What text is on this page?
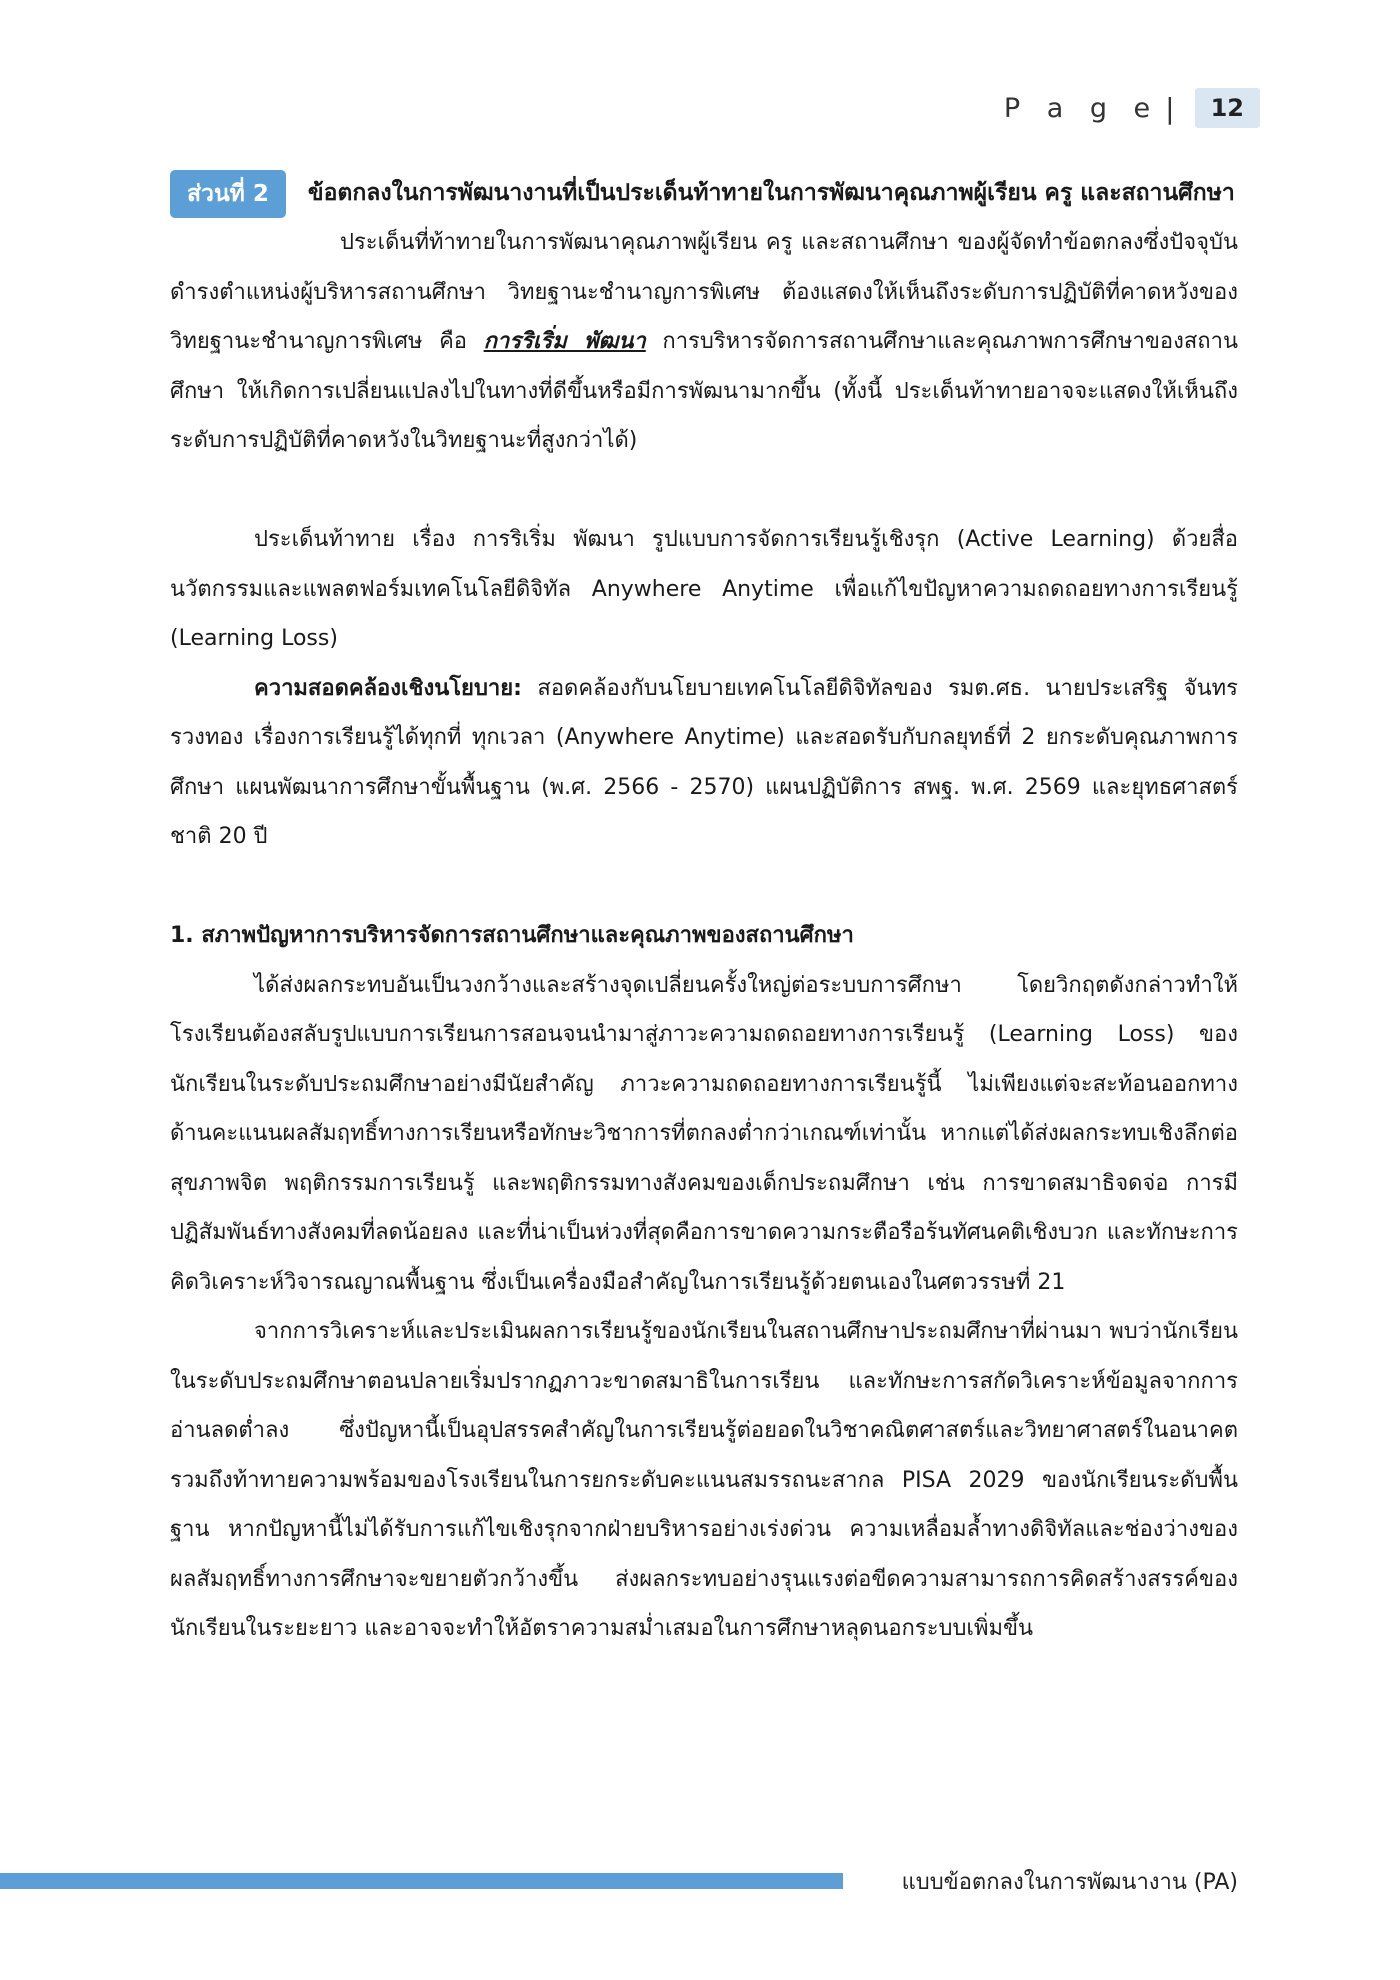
P a g e |	12

ส่วนที่ 2 ข้อตกลงในการพัฒนางานที่เป็นประเด็นท้าทายในการพัฒนาคุณภาพผู้เรียน ครู และสถานศึกษา

ประเด็นที่ท้าทายในการพัฒนาคุณภาพผู้เรียน ครู และสถานศึกษา ของผู้จัดทำข้อตกลงซึ่งปัจจุบันดำรงตำแหน่งผู้บริหารสถานศึกษา วิทยฐานะชำนาญการพิเศษ ต้องแสดงให้เห็นถึงระดับการปฏิบัติที่คาดหวังของวิทยฐานะชำนาญการพิเศษ คือ การริเริ่ม พัฒนา การบริหารจัดการสถานศึกษาและคุณภาพการศึกษาของสถานศึกษา ให้เกิดการเปลี่ยนแปลงไปในทางที่ดีขึ้นหรือมีการพัฒนามากขึ้น (ทั้งนี้ ประเด็นท้าทายอาจจะแสดงให้เห็นถึงระดับการปฏิบัติที่คาดหวังในวิทยฐานะที่สูงกว่าได้)

ประเด็นท้าทาย เรื่อง การริเริ่ม พัฒนา รูปแบบการจัดการเรียนรู้เชิงรุก (Active Learning) ด้วยสื่อนวัตกรรมและแพลตฟอร์มเทคโนโลยีดิจิทัล Anywhere Anytime เพื่อแก้ไขปัญหาความถดถอยทางการเรียนรู้ (Learning Loss)

ความสอดคล้องเชิงนโยบาย: สอดคล้องกับนโยบายเทคโนโลยีดิจิทัลของ รมต.ศธ. นายประเสริฐ จันทรรวงทอง เรื่องการเรียนรู้ได้ทุกที่ ทุกเวลา (Anywhere Anytime) และสอดรับกับกลยุทธ์ที่ 2 ยกระดับคุณภาพการศึกษา แผนพัฒนาการศึกษาขั้นพื้นฐาน (พ.ศ. 2566 - 2570) แผนปฏิบัติการ สพฐ. พ.ศ. 2569 และยุทธศาสตร์ชาติ 20 ปี

1. สภาพปัญหาการบริหารจัดการสถานศึกษาและคุณภาพของสถานศึกษา

ได้ส่งผลกระทบอันเป็นวงกว้างและสร้างจุดเปลี่ยนครั้งใหญ่ต่อระบบการศึกษา โดยวิกฤตดังกล่าวทำให้โรงเรียนต้องสลับรูปแบบการเรียนการสอนจนนำมาสู่ภาวะความถดถอยทางการเรียนรู้ (Learning Loss) ของนักเรียนในระดับประถมศึกษาอย่างมีนัยสำคัญ ภาวะความถดถอยทางการเรียนรู้นี้ ไม่เพียงแต่จะสะท้อนออกทางด้านคะแนนผลสัมฤทธิ์ทางการเรียนหรือทักษะวิชาการที่ตกลงต่ำกว่าเกณฑ์เท่านั้น หากแต่ได้ส่งผลกระทบเชิงลึกต่อสุขภาพจิต พฤติกรรมการเรียนรู้ และพฤติกรรมทางสังคมของเด็กประถมศึกษา เช่น การขาดสมาธิจดจ่อ การมีปฏิสัมพันธ์ทางสังคมที่ลดน้อยลง และที่น่าเป็นห่วงที่สุดคือการขาดความกระตือรือร้นทัศนคติเชิงบวก และทักษะการคิดวิเคราะห์วิจารณญาณพื้นฐาน ซึ่งเป็นเครื่องมือสำคัญในการเรียนรู้ด้วยตนเองในศตวรรษที่ 21

จากการวิเคราะห์และประเมินผลการเรียนรู้ของนักเรียนในสถานศึกษาประถมศึกษาที่ผ่านมา พบว่านักเรียนในระดับประถมศึกษาตอนปลายเริ่มปรากฏภาวะขาดสมาธิในการเรียน และทักษะการสกัดวิเคราะห์ข้อมูลจากการอ่านลดต่ำลง ซึ่งปัญหานี้เป็นอุปสรรคสำคัญในการเรียนรู้ต่อยอดในวิชาคณิตศาสตร์และวิทยาศาสตร์ในอนาคต รวมถึงท้าทายความพร้อมของโรงเรียนในการยกระดับคะแนนสมรรถนะสากล PISA 2029 ของนักเรียนระดับพื้นฐาน หากปัญหานี้ไม่ได้รับการแก้ไขเชิงรุกจากฝ่ายบริหารอย่างเร่งด่วน ความเหลื่อมล้ำทางดิจิทัลและช่องว่างของผลสัมฤทธิ์ทางการศึกษาจะขยายตัวกว้างขึ้น ส่งผลกระทบอย่างรุนแรงต่อขีดความสามารถการคิดสร้างสรรค์ของนักเรียนในระยะยาว และอาจจะทำให้อัตราความสม่ำเสมอในการศึกษาหลุดนอกระบบเพิ่มขึ้น

แบบข้อตกลงในการพัฒนางาน (PA)
